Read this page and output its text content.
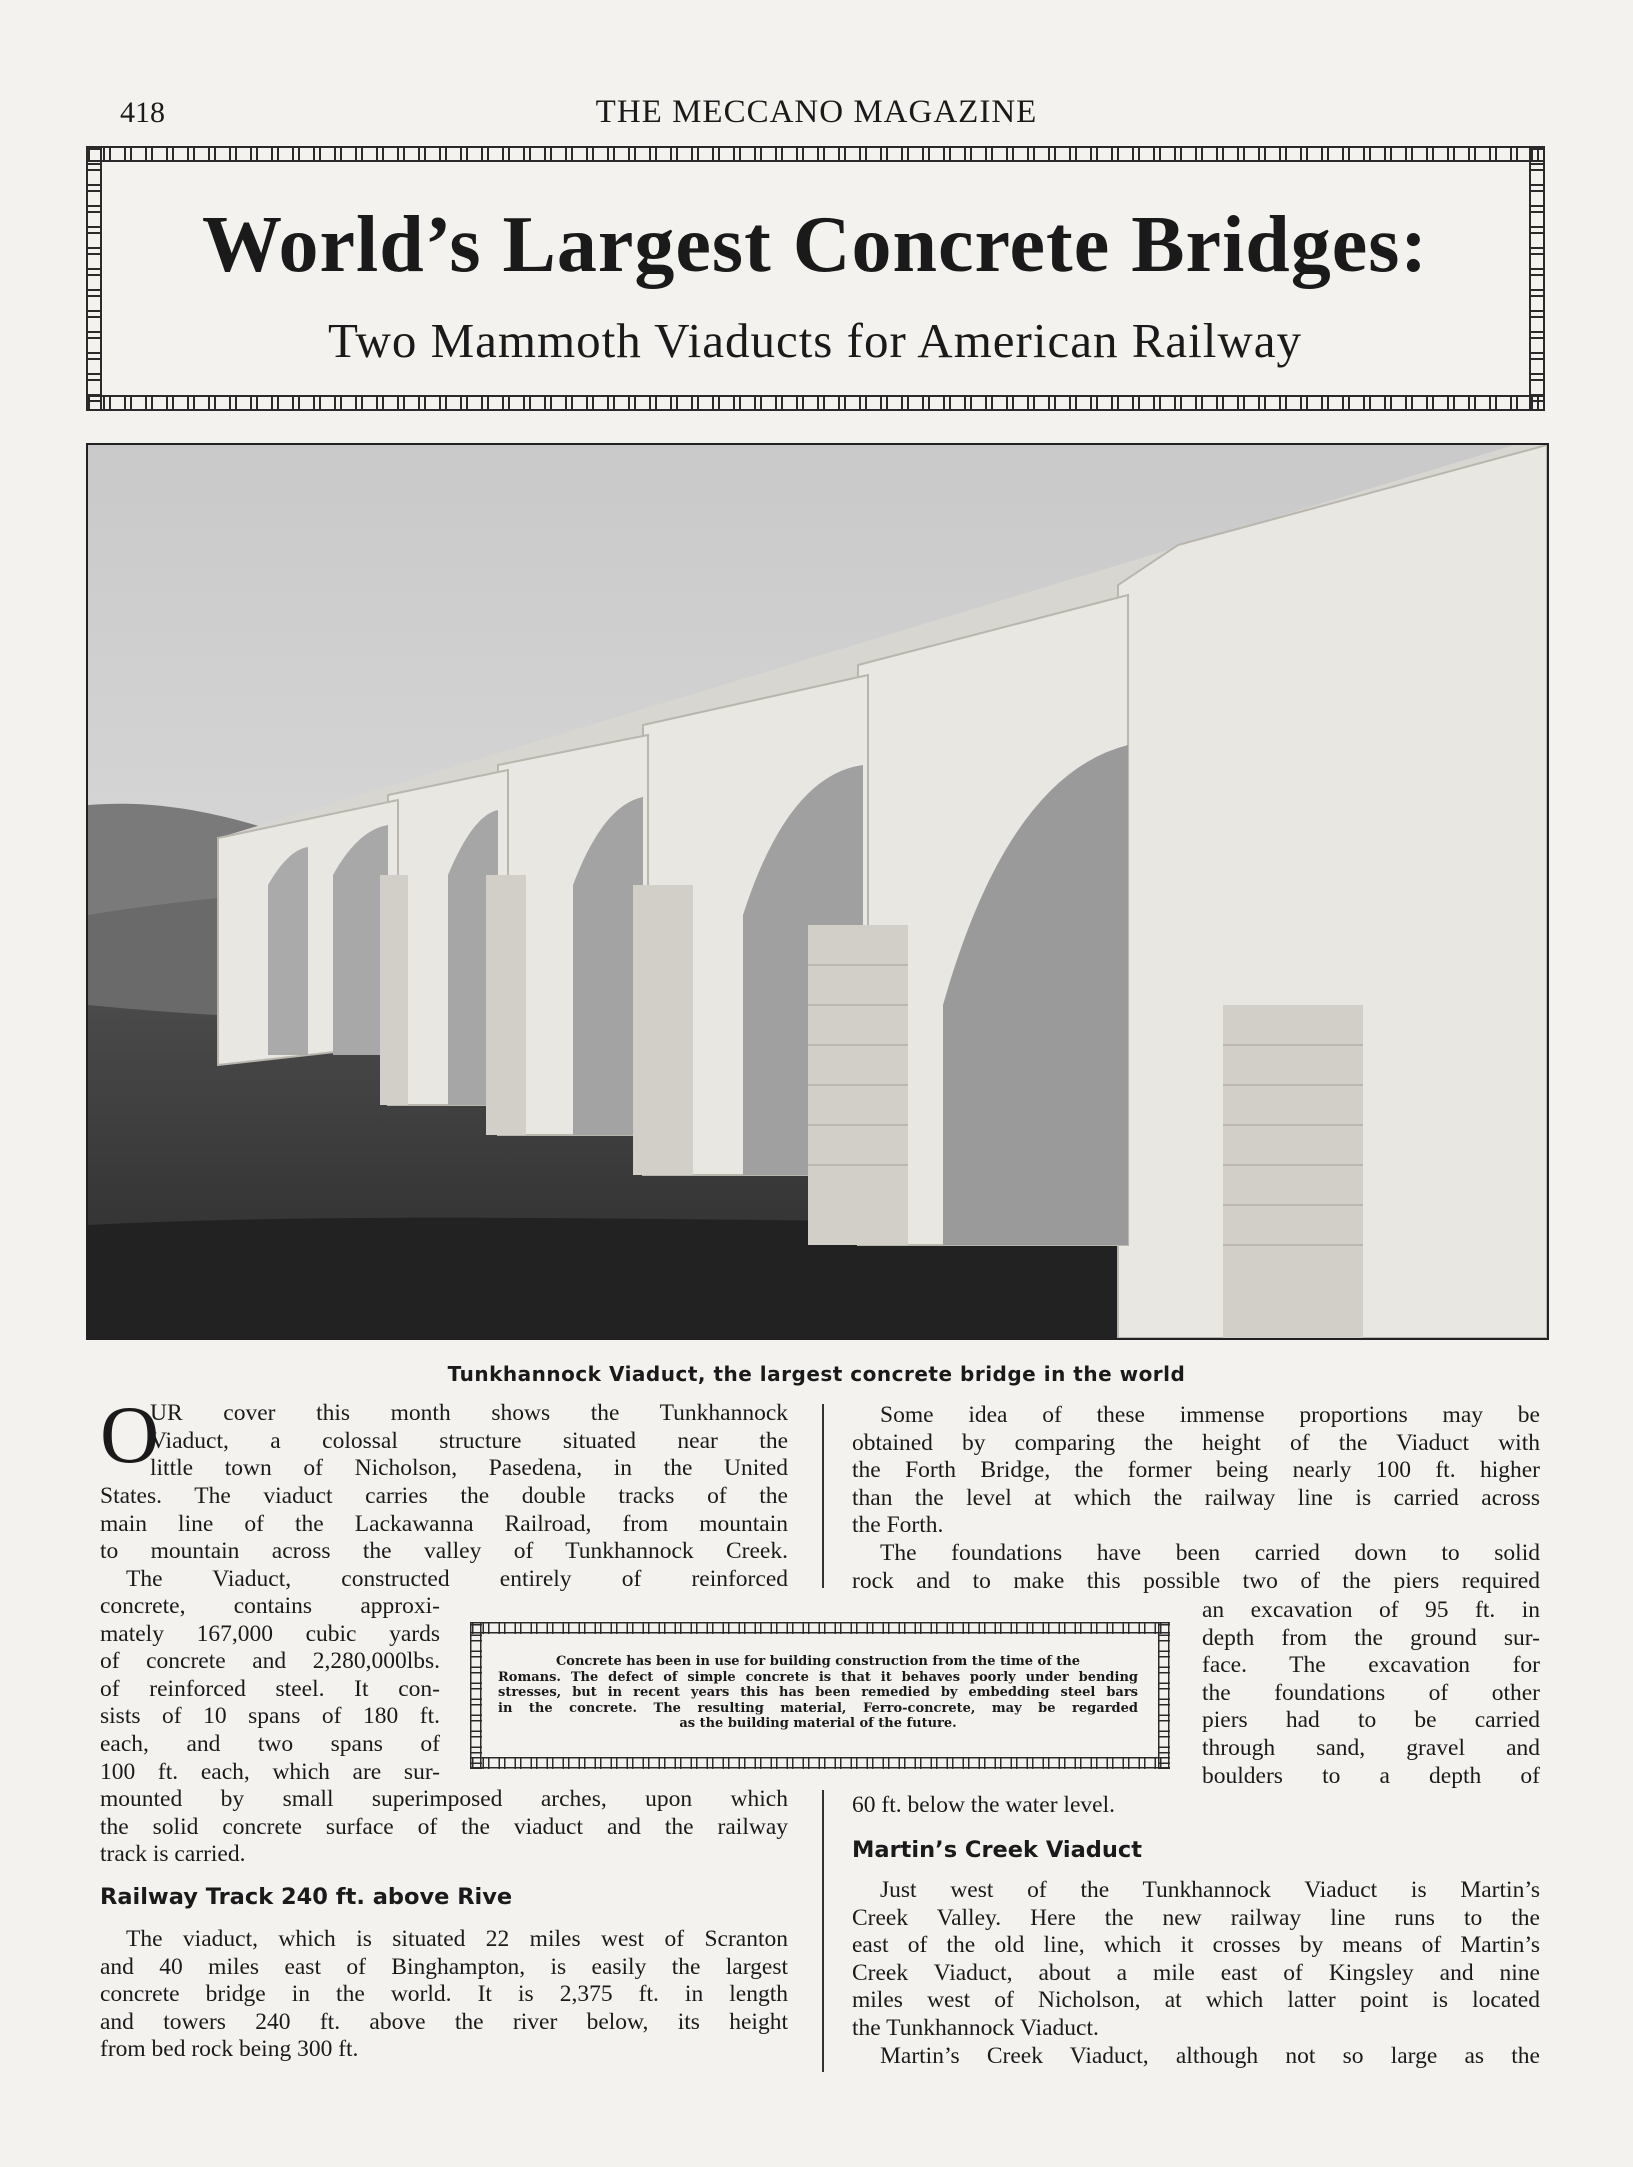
418	THE MECCANO MAGAZINE
World’s Largest Concrete Bridges:
Two Mammoth Viaducts for American Railway
Tunkhannock Viaduct, the largest concrete bridge in the world
O
UR cover this month shows the Tunkhannock
Viaduct, a colossal structure situated near the
little town of Nicholson, Pasedena, in the United
States. The viaduct carries the double tracks of the
main line of the Lackawanna Railroad, from mountain
to mountain across the valley of Tunkhannock Creek.
The Viaduct, constructed entirely of reinforced
concrete, contains approxi-
mately 167,000 cubic yards
of concrete and 2,280,000lbs.
of reinforced steel. It con-
sists of 10 spans of 180 ft.
each, and two spans of
100 ft. each, which are sur-
mounted by small superimposed arches, upon which
the solid concrete surface of the viaduct and the railway
track is carried.
Railway Track 240 ft. above Rive
The viaduct, which is situated 22 miles west of Scranton
and 40 miles east of Binghampton, is easily the largest
concrete bridge in the world. It is 2,375 ft. in length
and towers 240 ft. above the river below, its height
from bed rock being 300 ft.
Concrete has been in use for building construction from the time of the
Romans. The defect of simple concrete is that it behaves poorly under bending
stresses, but in recent years this has been remedied by embedding steel bars
in the concrete. The resulting material, Ferro-concrete, may be regarded
as the building material of the future.
Some idea of these immense proportions may be
obtained by comparing the height of the Viaduct with
the Forth Bridge, the former being nearly 100 ft. higher
than the level at which the railway line is carried across
the Forth.
The foundations have been carried down to solid
rock and to make this possible two of the piers required
an excavation of 95 ft. in
depth from the ground sur-
face. The excavation for
the foundations of other
piers had to be carried
through sand, gravel and
boulders to a depth of
60 ft. below the water level.
Martin’s Creek Viaduct
Just west of the Tunkhannock Viaduct is Martin’s
Creek Valley. Here the new railway line runs to the
east of the old line, which it crosses by means of Martin’s
Creek Viaduct, about a mile east of Kingsley and nine
miles west of Nicholson, at which latter point is located
the Tunkhannock Viaduct.
Martin’s Creek Viaduct, although not so large as the
